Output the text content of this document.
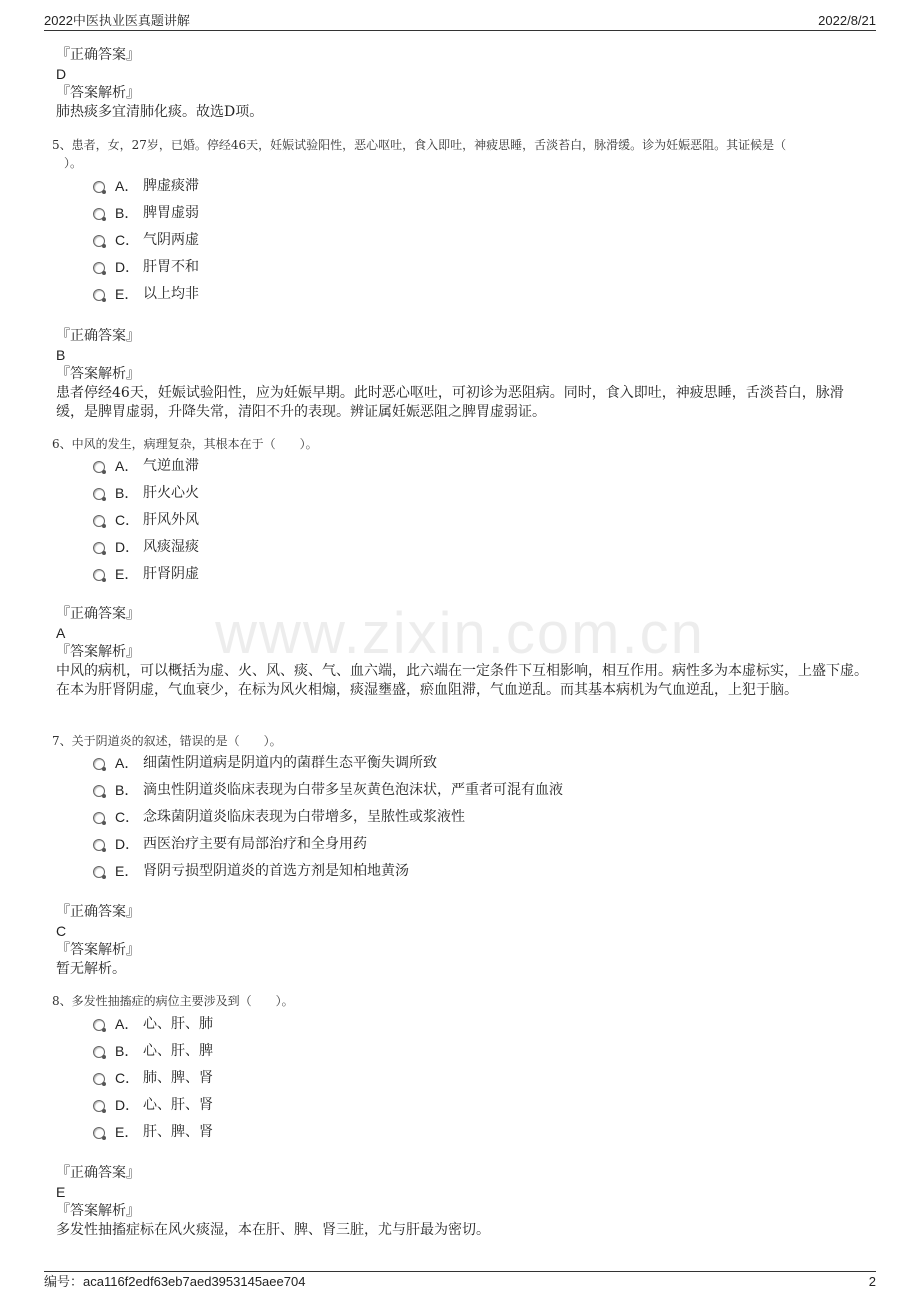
2022中医执业医真题讲解	2022/8/21
www.zixin.com.cn
『正确答案』
D
『答案解析』
肺热痰多宜清肺化痰。故选D项。
5、患者，女，27岁，已婚。停经46天，妊娠试验阳性，恶心呕吐，食入即吐，神疲思睡，舌淡苔白，脉滑缓。诊为妊娠恶阻。其证候是（
）。
A． 脾虚痰滞
B． 脾胃虚弱
C． 气阴两虚
D． 肝胃不和
E． 以上均非
『正确答案』
B
『答案解析』
患者停经46天，妊娠试验阳性，应为妊娠早期。此时恶心呕吐，可初诊为恶阻病。同时，食入即吐，神疲思睡，舌淡苔白，脉滑缓，是脾胃虚弱，升降失常，清阳不升的表现。辨证属妊娠恶阻之脾胃虚弱证。
6、中风的发生，病理复杂，其根本在于（　　）。
A． 气逆血滞
B． 肝火心火
C． 肝风外风
D． 风痰湿痰
E． 肝肾阴虚
『正确答案』
A
『答案解析』
中风的病机，可以概括为虚、火、风、痰、气、血六端，此六端在一定条件下互相影响，相互作用。病性多为本虚标实，上盛下虚。在本为肝肾阴虚，气血衰少，在标为风火相煽，痰湿壅盛，瘀血阻滞，气血逆乱。而其基本病机为气血逆乱，上犯于脑。
7、关于阴道炎的叙述，错误的是（　　）。
A． 细菌性阴道病是阴道内的菌群生态平衡失调所致
B． 滴虫性阴道炎临床表现为白带多呈灰黄色泡沫状，严重者可混有血液
C． 念珠菌阴道炎临床表现为白带增多，呈脓性或浆液性
D． 西医治疗主要有局部治疗和全身用药
E． 肾阴亏损型阴道炎的首选方剂是知柏地黄汤
『正确答案』
C
『答案解析』
暂无解析。
8、多发性抽搐症的病位主要涉及到（　　）。
A． 心、肝、肺
B． 心、肝、脾
C． 肺、脾、肾
D． 心、肝、肾
E． 肝、脾、肾
『正确答案』
E
『答案解析』
多发性抽搐症标在风火痰湿，本在肝、脾、肾三脏，尤与肝最为密切。
编号：aca116f2edf63eb7aed3953145aee704	2
